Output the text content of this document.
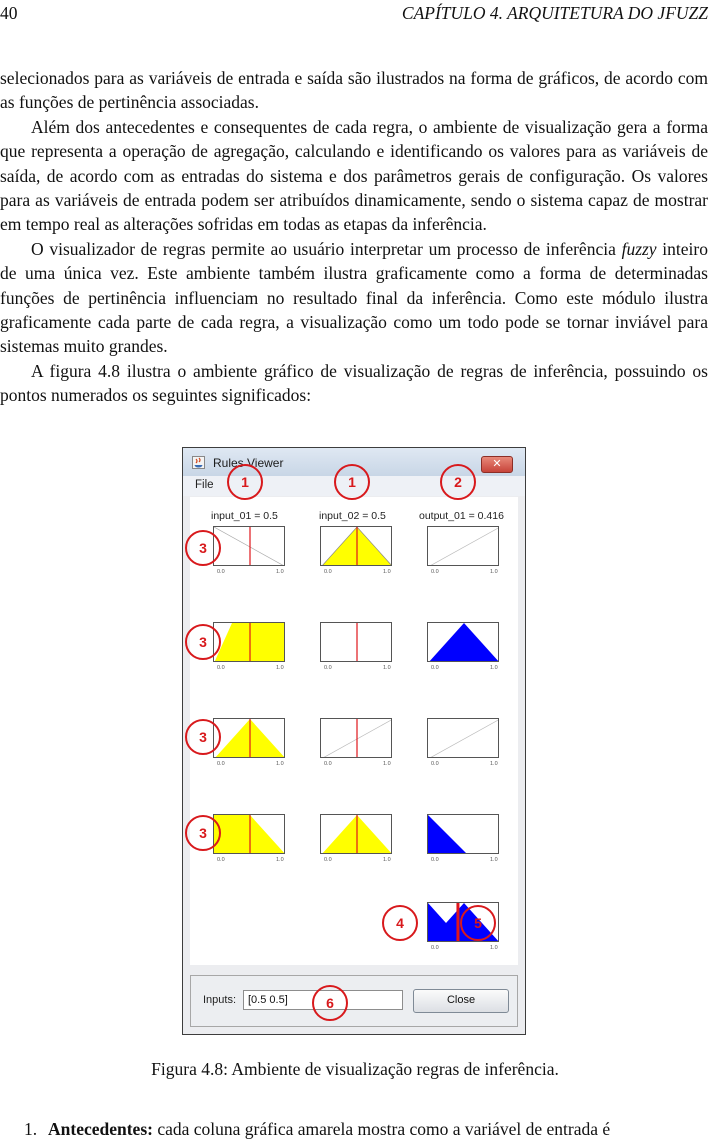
40	CAPÍTULO 4. ARQUITETURA DO JFUZZ

selecionados para as variáveis de entrada e saída são ilustrados na forma de gráficos, de acordo com as funções de pertinência associadas.

Além dos antecedentes e consequentes de cada regra, o ambiente de visualização gera a forma que representa a operação de agregação, calculando e identificando os valores para as variáveis de saída, de acordo com as entradas do sistema e dos parâmetros gerais de configuração. Os valores para as variáveis de entrada podem ser atribuídos dinamicamente, sendo o sistema capaz de mostrar em tempo real as alterações sofridas em todas as etapas da inferência.

O visualizador de regras permite ao usuário interpretar um processo de inferência fuzzy inteiro de uma única vez. Este ambiente também ilustra graficamente como a forma de determinadas funções de pertinência influenciam no resultado final da inferência. Como este módulo ilustra graficamente cada parte de cada regra, a visualização como um todo pode se tornar inviável para sistemas muito grandes.

A figura 4.8 ilustra o ambiente gráfico de visualização de regras de inferência, possuindo os pontos numerados os seguintes significados:

Rules Viewer	✕
File
input_01 = 0.5	input_02 = 0.5	output_01 = 0.416
0.0	1.0	0.0	1.0	0.0	1.0
0.0	1.0	0.0	1.0	0.0	1.0
0.0	1.0	0.0	1.0	0.0	1.0
0.0	1.0	0.0	1.0	0.0	1.0
0.0	1.0
Inputs:	[0.5 0.5]	Close
1	1	2
3
3
3
3
4	5
6
Figura 4.8: Ambiente de visualização regras de inferência.
1. Antecedentes: cada coluna gráfica amarela mostra como a variável de entrada é
